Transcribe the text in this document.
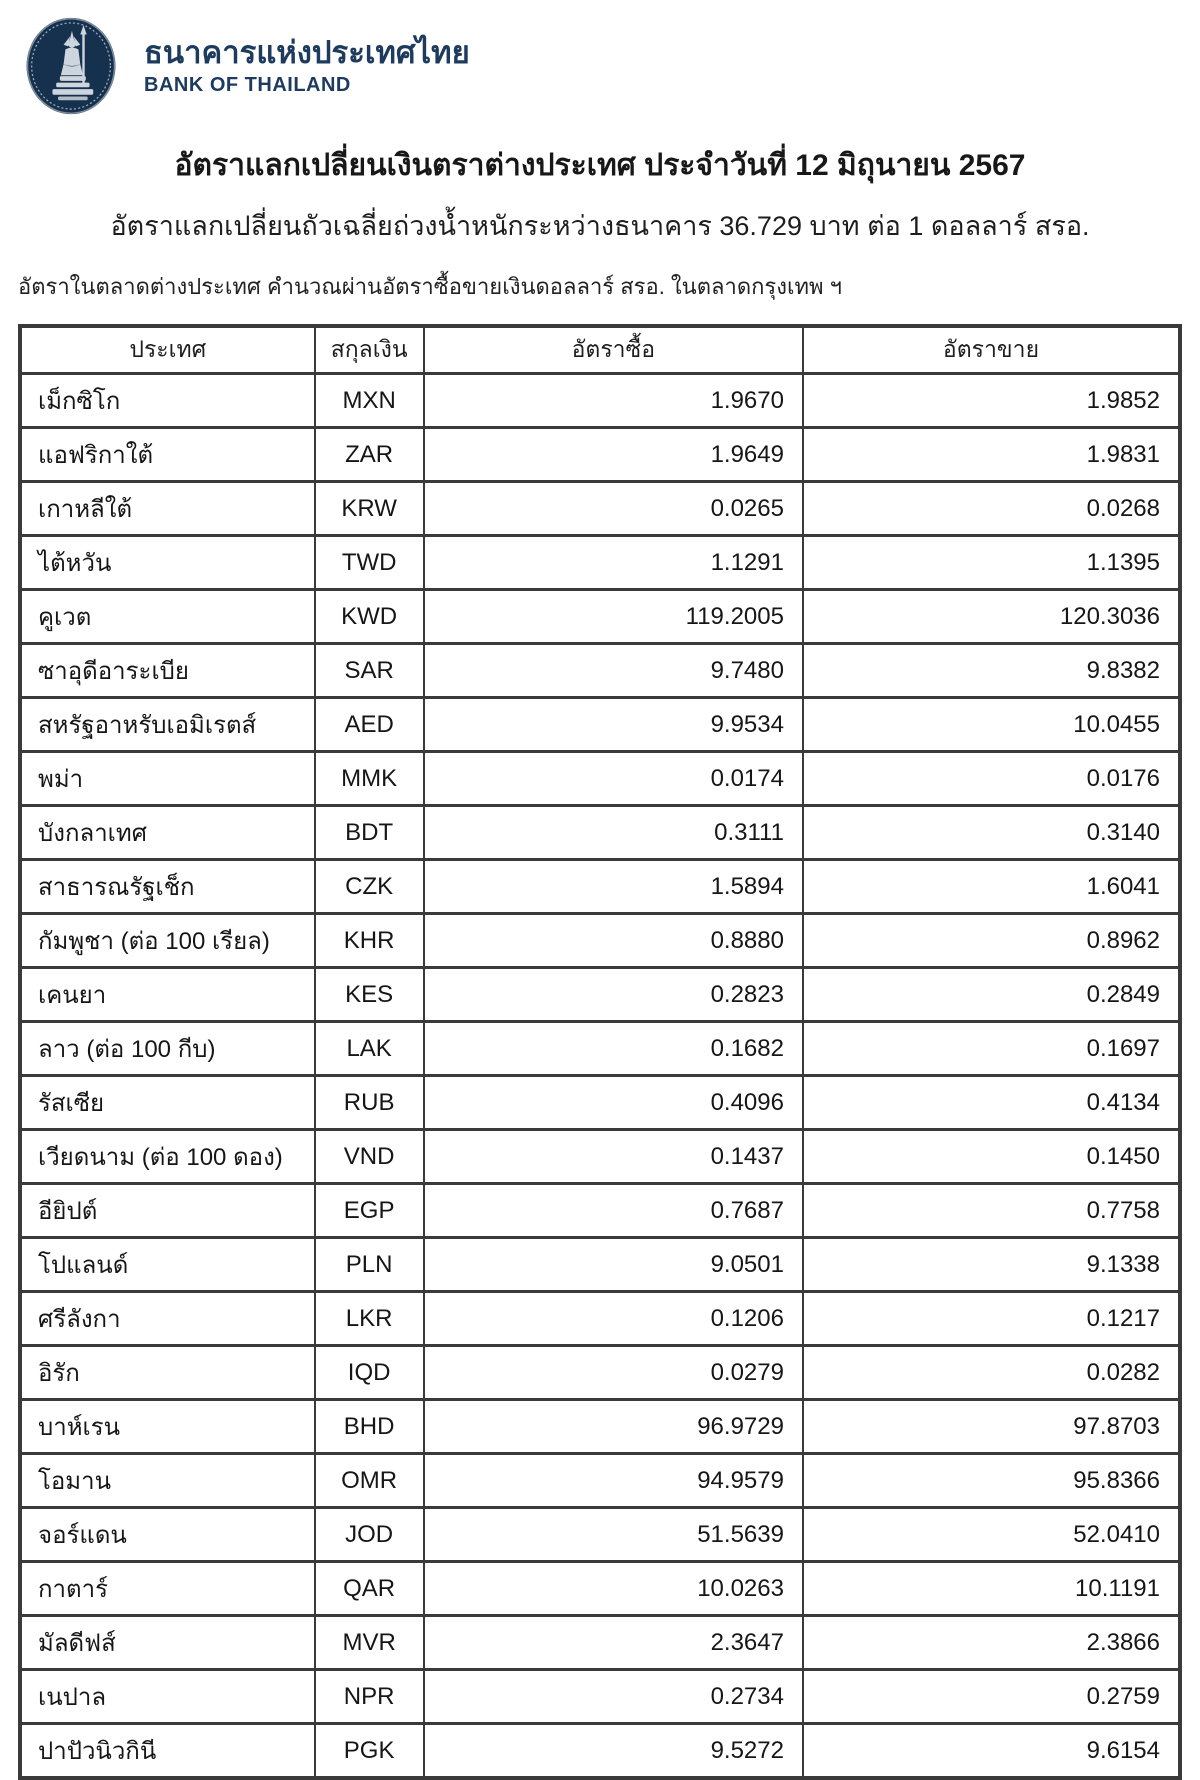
ธนาคารแห่งประเทศไทย
BANK OF THAILAND
อัตราแลกเปลี่ยนเงินตราต่างประเทศ ประจำวันที่ 12 มิถุนายน 2567
อัตราแลกเปลี่ยนถัวเฉลี่ยถ่วงน้ำหนักระหว่างธนาคาร 36.729 บาท ต่อ 1 ดอลลาร์ สรอ.
อัตราในตลาดต่างประเทศ คำนวณผ่านอัตราซื้อขายเงินดอลลาร์ สรอ. ในตลาดกรุงเทพ ฯ
ประเทศ	สกุลเงิน	อัตราซื้อ	อัตราขาย
เม็กซิโก	MXN	1.9670	1.9852
แอฟริกาใต้	ZAR	1.9649	1.9831
เกาหลีใต้	KRW	0.0265	0.0268
ไต้หวัน	TWD	1.1291	1.1395
คูเวต	KWD	119.2005	120.3036
ซาอุดีอาระเบีย	SAR	9.7480	9.8382
สหรัฐอาหรับเอมิเรตส์	AED	9.9534	10.0455
พม่า	MMK	0.0174	0.0176
บังกลาเทศ	BDT	0.3111	0.3140
สาธารณรัฐเช็ก	CZK	1.5894	1.6041
กัมพูชา (ต่อ 100 เรียล)	KHR	0.8880	0.8962
เคนยา	KES	0.2823	0.2849
ลาว (ต่อ 100 กีบ)	LAK	0.1682	0.1697
รัสเซีย	RUB	0.4096	0.4134
เวียดนาม (ต่อ 100 ดอง)	VND	0.1437	0.1450
อียิปต์	EGP	0.7687	0.7758
โปแลนด์	PLN	9.0501	9.1338
ศรีลังกา	LKR	0.1206	0.1217
อิรัก	IQD	0.0279	0.0282
บาห์เรน	BHD	96.9729	97.8703
โอมาน	OMR	94.9579	95.8366
จอร์แดน	JOD	51.5639	52.0410
กาตาร์	QAR	10.0263	10.1191
มัลดีฟส์	MVR	2.3647	2.3866
เนปาล	NPR	0.2734	0.2759
ปาปัวนิวกินี	PGK	9.5272	9.6154
